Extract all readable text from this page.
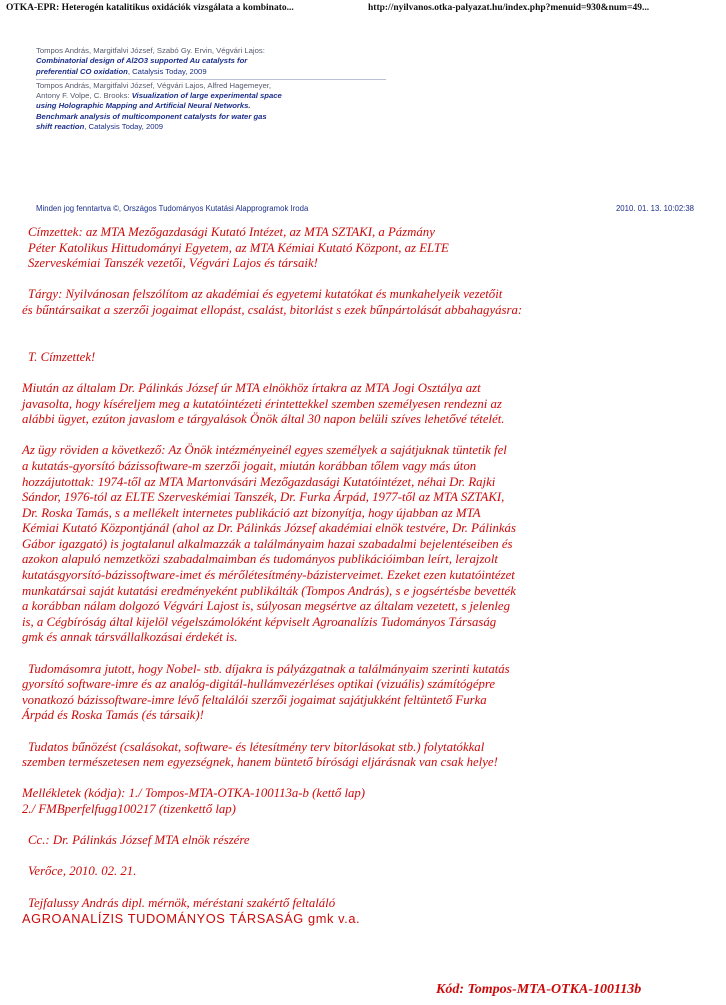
OTKA-EPR: Heterogén katalitikus oxidációk vizsgálata a kombinato...	http://nyilvanos.otka-palyazat.hu/index.php?menuid=930&num=49...
Tompos András, Margitfalvi József, Szabó Gy. Ervin, Végvári Lajos:
Combinatorial design of Al2O3 supported Au catalysts for
preferential CO oxidation, Catalysis Today, 2009
Tompos András, Margitfalvi József, Végvári Lajos, Alfred Hagemeyer,
Antony F. Volpe, C. Brooks: Visualization of large experimental space
using Holographic Mapping and Artificial Neural Networks.
Benchmark analysis of multicomponent catalysts for water gas
shift reaction, Catalysis Today, 2009
Minden jog fenntartva ©, Országos Tudományos Kutatási Alapprogramok Iroda	2010. 01. 13. 10:02:38

Címzettek: az MTA Mezőgazdasági Kutató Intézet, az MTA SZTAKI, a Pázmány

Péter Katolikus Hittudományi Egyetem, az MTA Kémiai Kutató Központ, az ELTE

Szerveskémiai Tanszék vezetői, Végvári Lajos és társaik!

Tárgy: Nyilvánosan felszólítom az akadémiai és egyetemi kutatókat és munkahelyeik vezetőit

és bűntársaikat a szerzői jogaimat ellopást, csalást, bitorlást s ezek bűnpártolását abbahagyásra:

T. Címzettek!

Miután az általam Dr. Pálinkás József úr MTA elnökhöz írtakra az MTA Jogi Osztálya azt

javasolta, hogy kíséreljem meg a kutatóintézeti érintettekkel szemben személyesen rendezni az

alábbi ügyet, ezúton javaslom e tárgyalások Önök által 30 napon belüli szíves lehetővé tételét.

Az ügy röviden a következő: Az Önök intézményeinél egyes személyek a sajátjuknak tüntetik fel

a kutatás-gyorsító bázissoftware-m szerzői jogait, miután korábban tőlem vagy más úton

hozzájutottak: 1974-től az MTA Martonvásári Mezőgazdasági Kutatóintézet, néhai Dr. Rajki

Sándor, 1976-tól az ELTE Szerveskémiai Tanszék, Dr. Furka Árpád, 1977-től az MTA SZTAKI,

Dr. Roska Tamás, s a mellékelt internetes publikáció azt bizonyítja, hogy újabban az MTA

Kémiai Kutató Központjánál (ahol az Dr. Pálinkás József akadémiai elnök testvére, Dr. Pálinkás

Gábor igazgató) is jogtalanul alkalmazzák a találmányaim hazai szabadalmi bejelentéseiben és

azokon alapuló nemzetközi szabadalmaimban és tudományos publikációimban leírt, lerajzolt

kutatásgyorsító-bázissoftware-imet és mérőlétesítmény-bázisterveimet. Ezeket ezen kutatóintézet

munkatársai saját kutatási eredményeként publikálták (Tompos András), s e jogsértésbe bevették

a korábban nálam dolgozó Végvári Lajost is, súlyosan megsértve az általam vezetett, s jelenleg

is, a Cégbíróság által kijelöl végelszámolóként képviselt Agroanalízis Tudományos Társaság

gmk és annak társvállalkozásai érdekét is.

Tudomásomra jutott, hogy Nobel- stb. díjakra is pályázgatnak a találmányaim szerinti kutatás

gyorsító software-imre és az analóg-digitál-hullámvezérléses optikai (vizuális) számítógépre

vonatkozó bázissoftware-imre lévő feltalálói szerzői jogaimat sajátjukként feltüntető Furka

Árpád és Roska Tamás (és társaik)!

Tudatos bűnözést (csalásokat, software- és létesítmény terv bitorlásokat stb.) folytatókkal

szemben természetesen nem egyezségnek, hanem büntető bírósági eljárásnak van csak helye!

Mellékletek (kódja): 1./ Tompos-MTA-OTKA-100113a-b (kettő lap)

2./ FMBperfelfugg100217 (tizenkettő lap)

Cc.: Dr. Pálinkás József MTA elnök részére

Verőce, 2010. 02. 21.

Tejfalussy András dipl. mérnök, méréstani szakértő feltaláló

AGROANALÍZIS TUDOMÁNYOS TÁRSASÁG gmk v.a.

Kód: Tompos-MTA-OTKA-100113b
